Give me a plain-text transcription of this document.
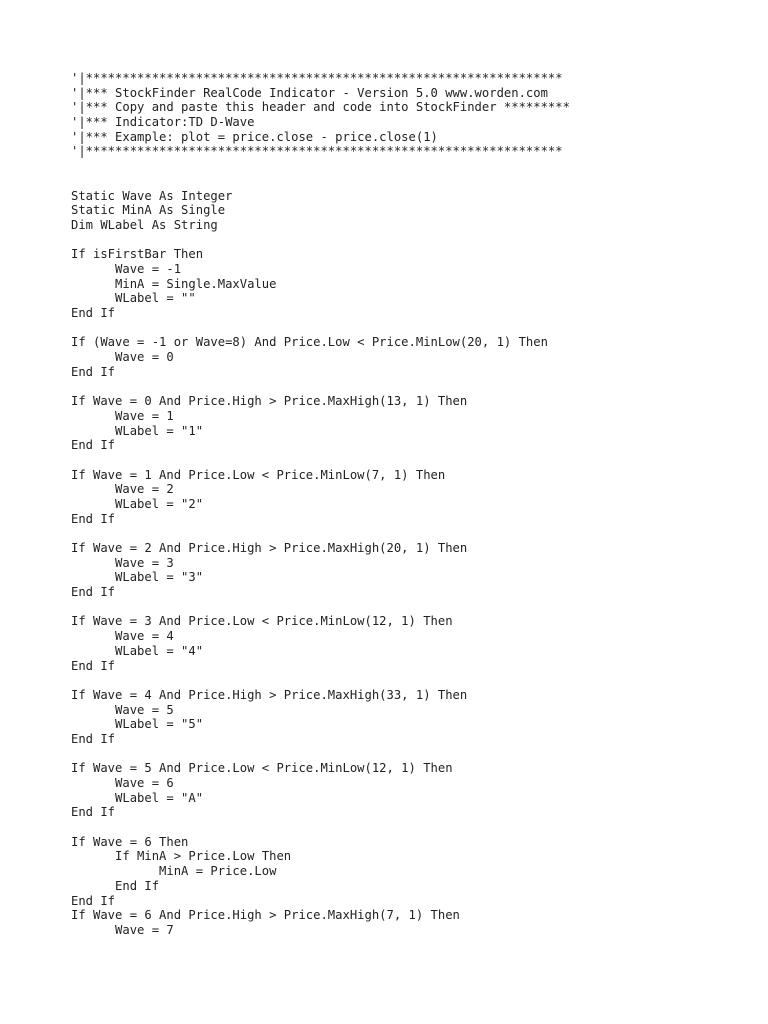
'|*****************************************************************
'|*** StockFinder RealCode Indicator - Version 5.0 www.worden.com
'|*** Copy and paste this header and code into StockFinder *********
'|*** Indicator:TD D-Wave
'|*** Example: plot = price.close - price.close(1)
'|*****************************************************************
Static Wave As Integer
Static MinA As Single
Dim WLabel As String
If isFirstBar Then
Wave = -1
MinA = Single.MaxValue
WLabel = ""
End If
If (Wave = -1 or Wave=8) And Price.Low < Price.MinLow(20, 1) Then
Wave = 0
End If
If Wave = 0 And Price.High > Price.MaxHigh(13, 1) Then
Wave = 1
WLabel = "1"
End If
If Wave = 1 And Price.Low < Price.MinLow(7, 1) Then
Wave = 2
WLabel = "2"
End If
If Wave = 2 And Price.High > Price.MaxHigh(20, 1) Then
Wave = 3
WLabel = "3"
End If
If Wave = 3 And Price.Low < Price.MinLow(12, 1) Then
Wave = 4
WLabel = "4"
End If
If Wave = 4 And Price.High > Price.MaxHigh(33, 1) Then
Wave = 5
WLabel = "5"
End If
If Wave = 5 And Price.Low < Price.MinLow(12, 1) Then
Wave = 6
WLabel = "A"
End If
If Wave = 6 Then
If MinA > Price.Low Then
MinA = Price.Low
End If
End If
If Wave = 6 And Price.High > Price.MaxHigh(7, 1) Then
Wave = 7
